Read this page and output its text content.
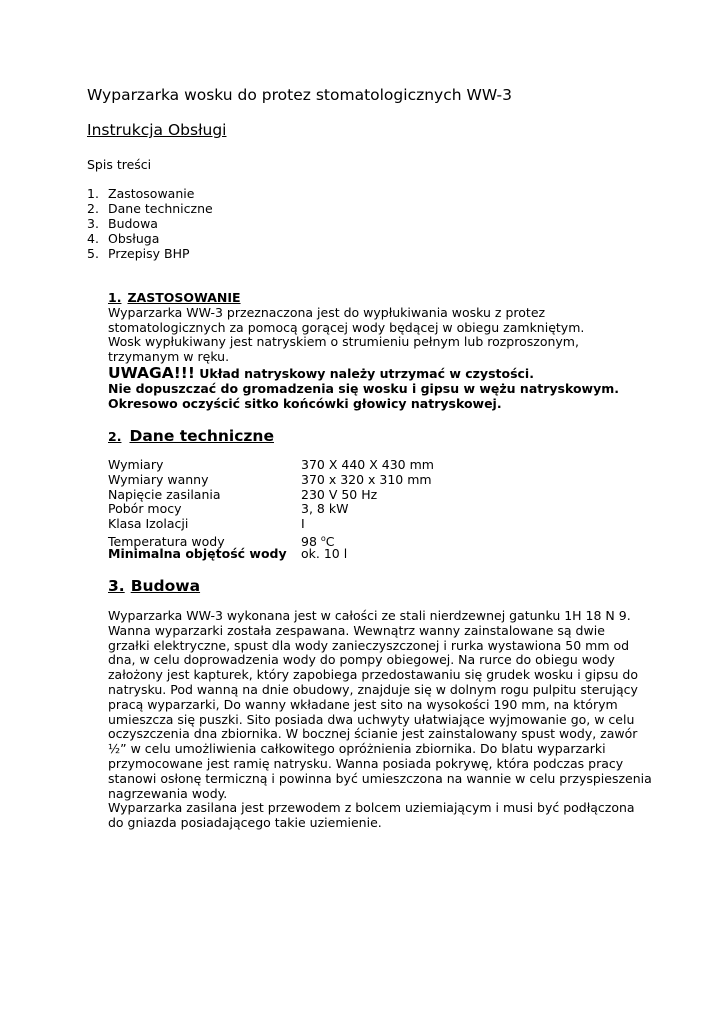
Wyparzarka wosku do protez stomatologicznych WW-3
Instrukcja Obsługi
Spis treści
1. Zastosowanie
2. Dane techniczne
3. Budowa
4. Obsługa
5. Przepisy BHP
1. ZASTOSOWANIE
Wyparzarka WW-3 przeznaczona jest do wypłukiwania wosku z protez
stomatologicznych za pomocą gorącej wody będącej w obiegu zamkniętym.
Wosk wypłukiwany jest natryskiem o strumieniu pełnym lub rozproszonym,
trzymanym w ręku.
UWAGA!!! Układ natryskowy należy utrzymać w czystości.
Nie dopuszczać do gromadzenia się wosku i gipsu w wężu natryskowym.
Okresowo oczyścić sitko końcówki głowicy natryskowej.
2. Dane techniczne
Wymiary	370 X 440 X 430 mm
Wymiary wanny	370 x 320 x 310 mm
Napięcie zasilania	230 V 50 Hz
Pobór mocy	3, 8 kW
Klasa Izolacji	I
Temperatura wody	98 $^o$C
Minimalna objętość wody ok. 10 l
3. Budowa
Wyparzarka WW-3 wykonana jest w całości ze stali nierdzewnej gatunku 1H 18 N 9.
Wanna wyparzarki została zespawana. Wewnątrz wanny zainstalowane są dwie
grzałki elektryczne, spust dla wody zanieczyszczonej i rurka wystawiona 50 mm od
dna, w celu doprowadzenia wody do pompy obiegowej. Na rurce do obiegu wody
założony jest kapturek, który zapobiega przedostawaniu się grudek wosku i gipsu do
natrysku. Pod wanną na dnie obudowy, znajduje się w dolnym rogu pulpitu sterujący
pracą wyparzarki, Do wanny wkładane jest sito na wysokości 190 mm, na którym
umieszcza się puszki. Sito posiada dwa uchwyty ułatwiające wyjmowanie go, w celu
oczyszczenia dna zbiornika. W bocznej ścianie jest zainstalowany spust wody, zawór
½” w celu umożliwienia całkowitego opróżnienia zbiornika. Do blatu wyparzarki
przymocowane jest ramię natrysku. Wanna posiada pokrywę, która podczas pracy
stanowi osłonę termiczną i powinna być umieszczona na wannie w celu przyspieszenia
nagrzewania wody.
Wyparzarka zasilana jest przewodem z bolcem uziemiającym i musi być podłączona
do gniazda posiadającego takie uziemienie.
